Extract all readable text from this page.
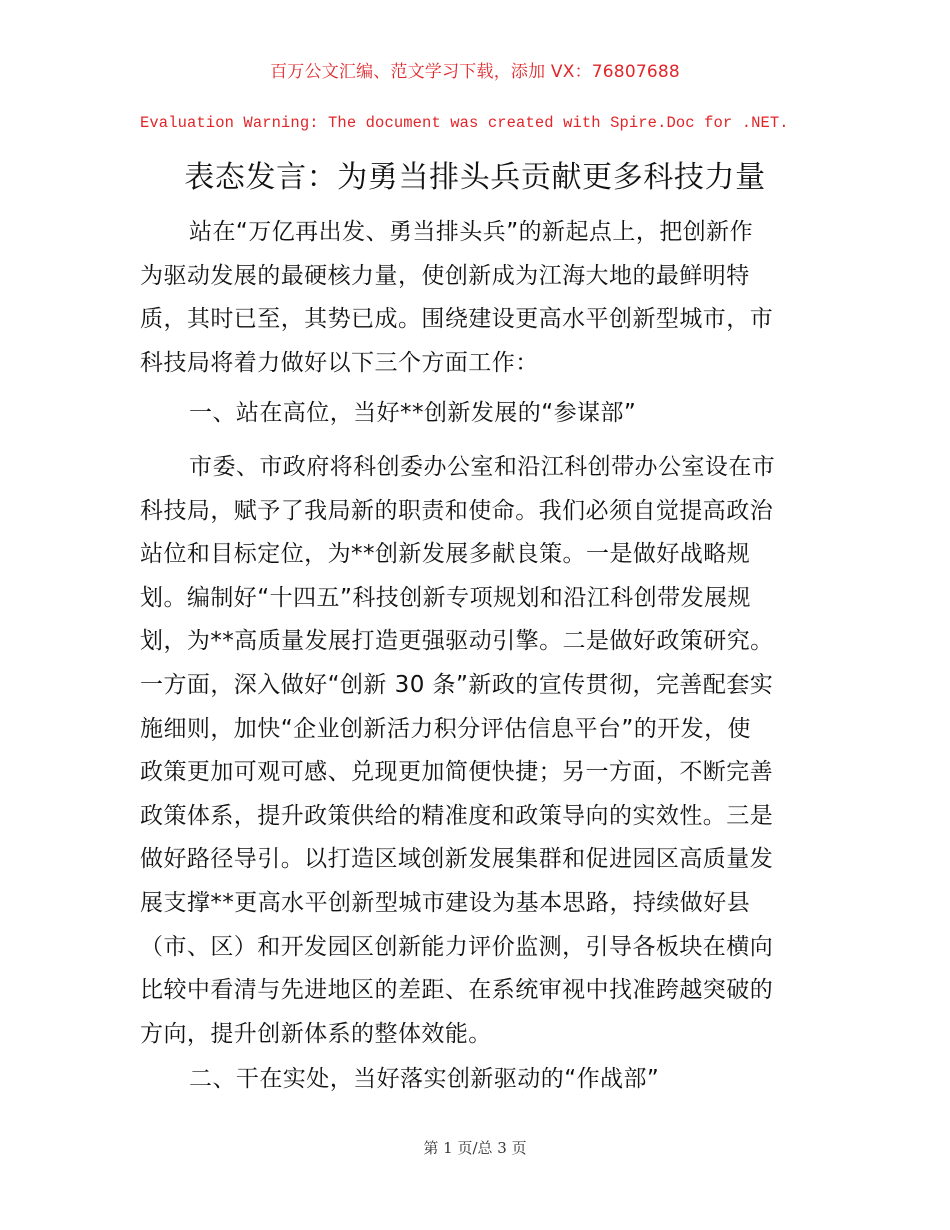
百万公文汇编、范文学习下载，添加 VX：76807688
Evaluation Warning: The document was created with Spire.Doc for .NET.
表态发言：为勇当排头兵贡献更多科技力量
站在“万亿再出发、勇当排头兵”的新起点上，把创新作
为驱动发展的最硬核力量，使创新成为江海大地的最鲜明特
质，其时已至，其势已成。围绕建设更高水平创新型城市，市
科技局将着力做好以下三个方面工作：
一、站在高位，当好**创新发展的“参谋部”
市委、市政府将科创委办公室和沿江科创带办公室设在市
科技局，赋予了我局新的职责和使命。我们必须自觉提高政治
站位和目标定位，为**创新发展多献良策。一是做好战略规
划。编制好“十四五”科技创新专项规划和沿江科创带发展规
划，为**高质量发展打造更强驱动引擎。二是做好政策研究。
一方面，深入做好“创新 30 条”新政的宣传贯彻，完善配套实
施细则，加快“企业创新活力积分评估信息平台”的开发，使
政策更加可观可感、兑现更加简便快捷；另一方面，不断完善
政策体系，提升政策供给的精准度和政策导向的实效性。三是
做好路径导引。以打造区域创新发展集群和促进园区高质量发
展支撑**更高水平创新型城市建设为基本思路，持续做好县
（市、区）和开发园区创新能力评价监测，引导各板块在横向
比较中看清与先进地区的差距、在系统审视中找准跨越突破的
方向，提升创新体系的整体效能。
二、干在实处，当好落实创新驱动的“作战部”
第 1 页/总 3 页
